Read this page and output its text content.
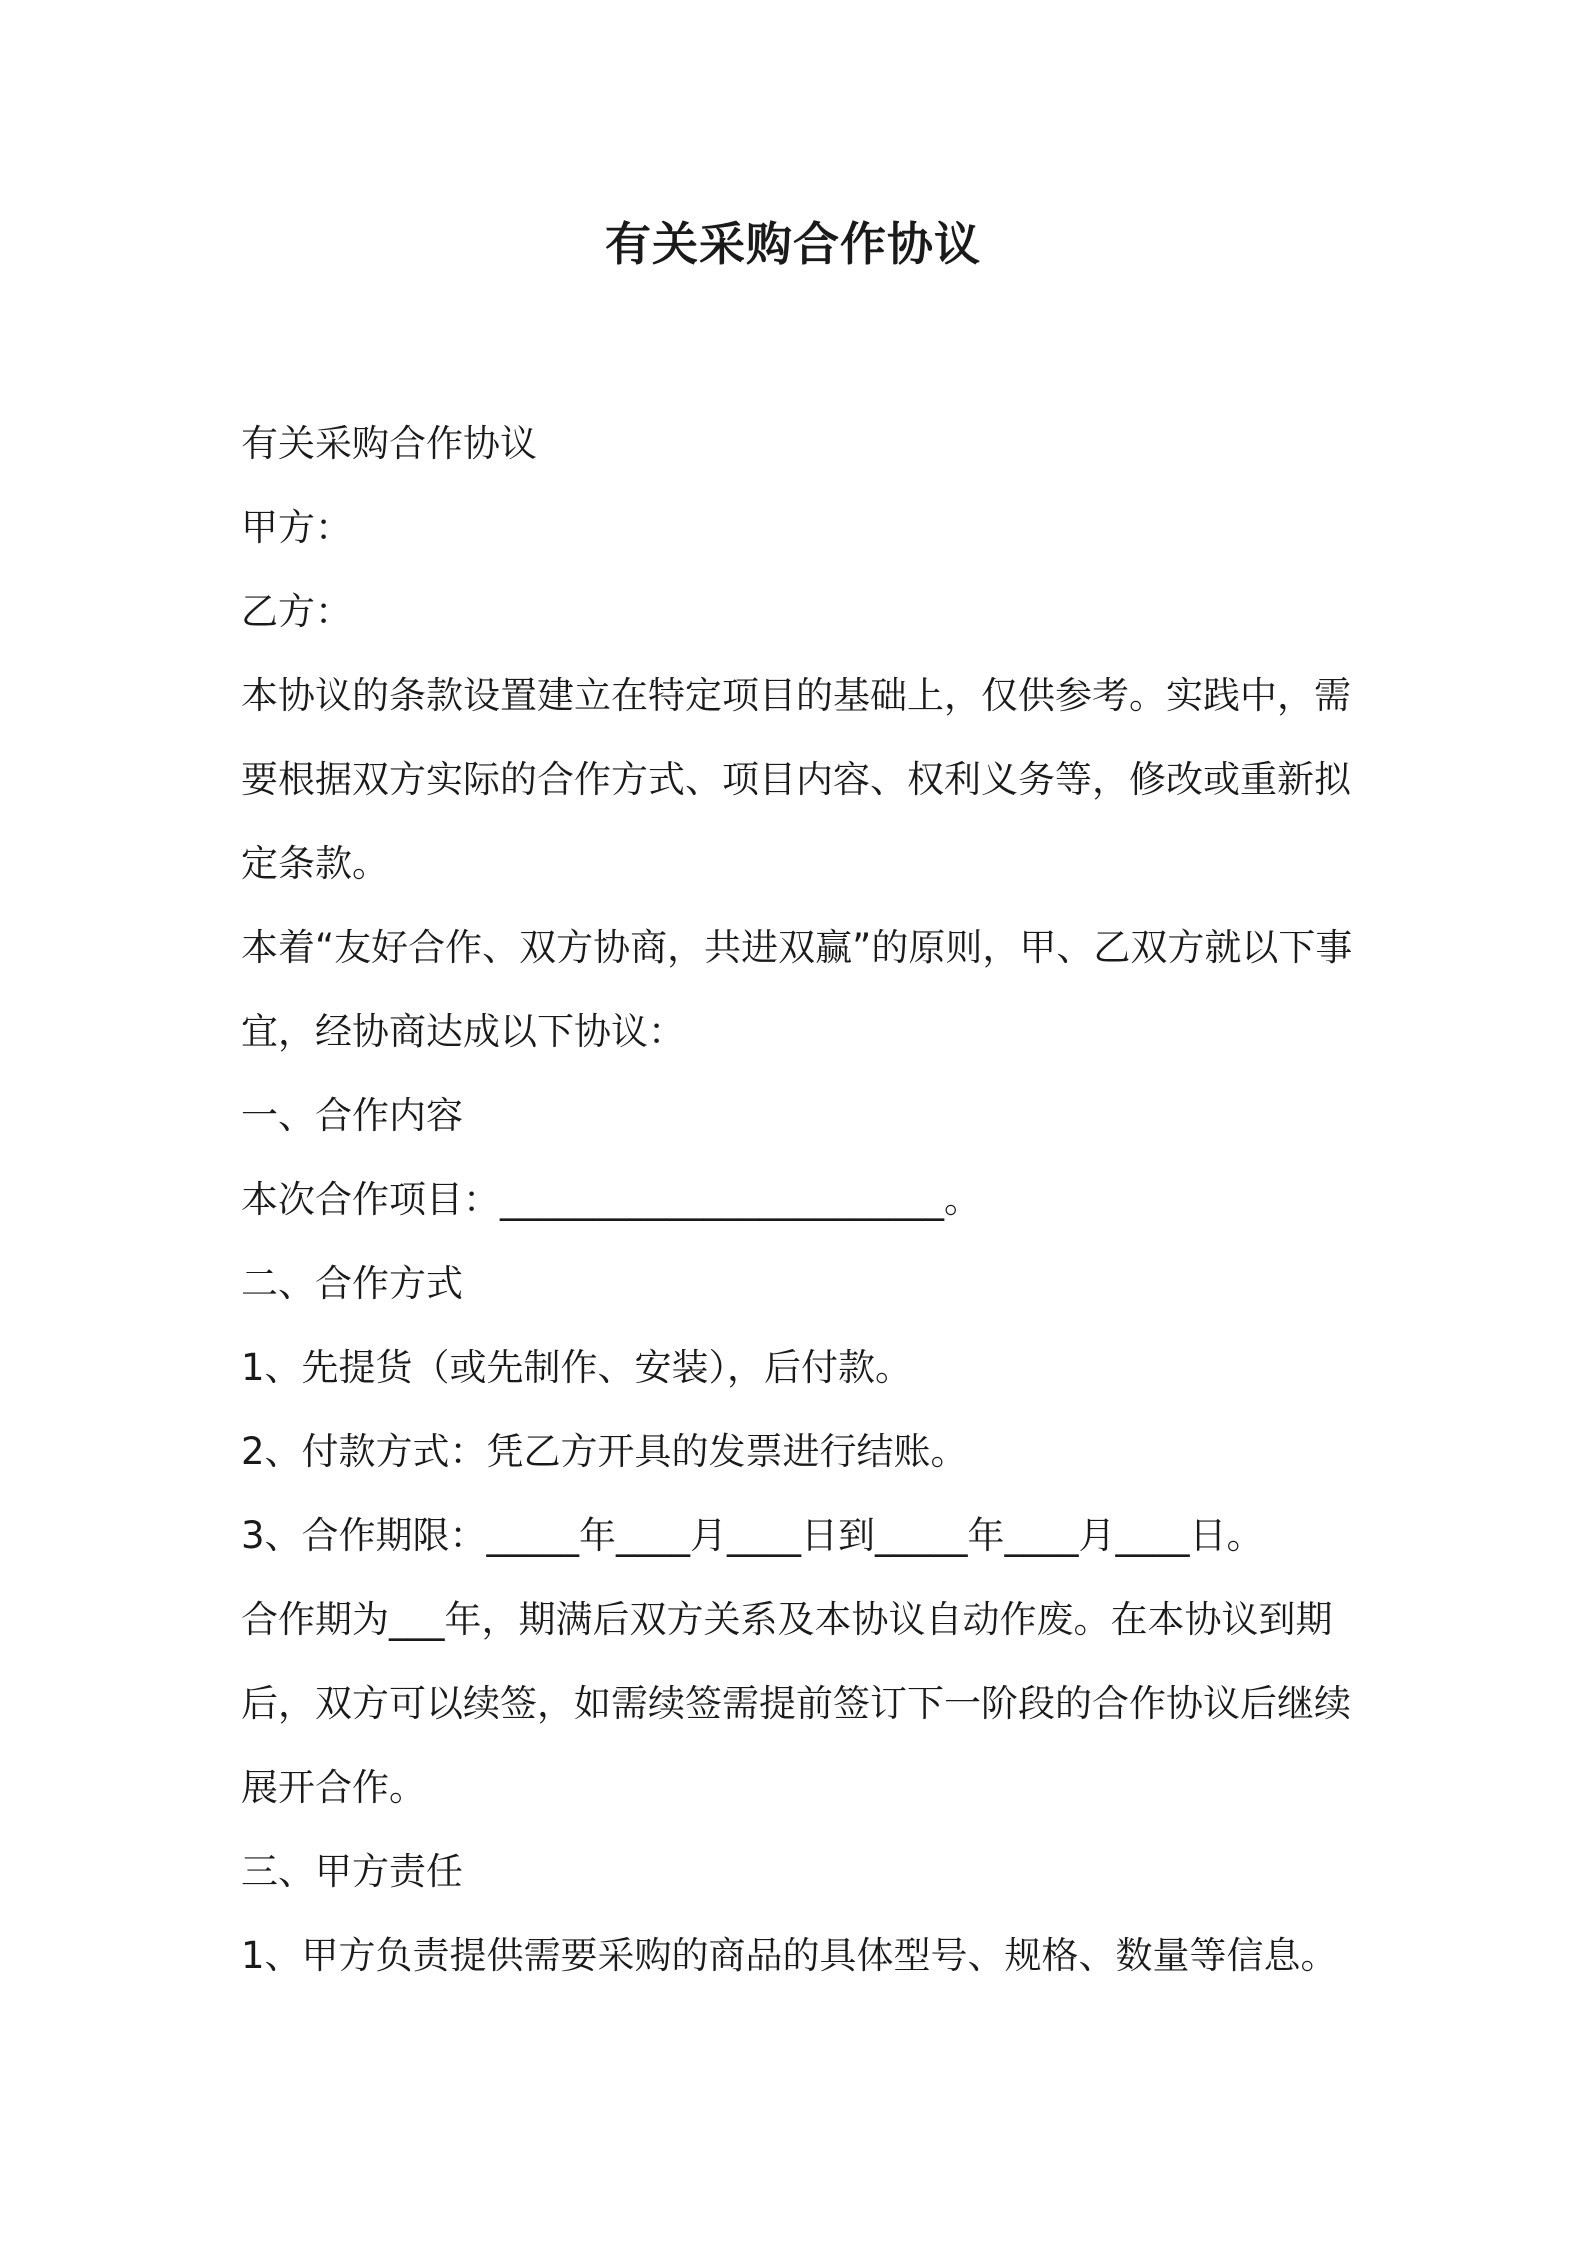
有关采购合作协议

有关采购合作协议

甲方：

乙方：

本协议的条款设置建立在特定项目的基础上，仅供参考。实践中，需要根据双方实际的合作方式、项目内容、权利义务等，修改或重新拟定条款。

本着“友好合作、双方协商，共进双赢”的原则，甲、乙双方就以下事宜，经协商达成以下协议：

一、合作内容

本次合作项目：________________________。

二、合作方式

1、先提货（或先制作、安装），后付款。

2、付款方式：凭乙方开具的发票进行结账。

3、合作期限：_____年____月____日到_____年____月____日。

合作期为___年，期满后双方关系及本协议自动作废。在本协议到期后，双方可以续签，如需续签需提前签订下一阶段的合作协议后继续展开合作。

三、甲方责任

1、甲方负责提供需要采购的商品的具体型号、规格、数量等信息。
